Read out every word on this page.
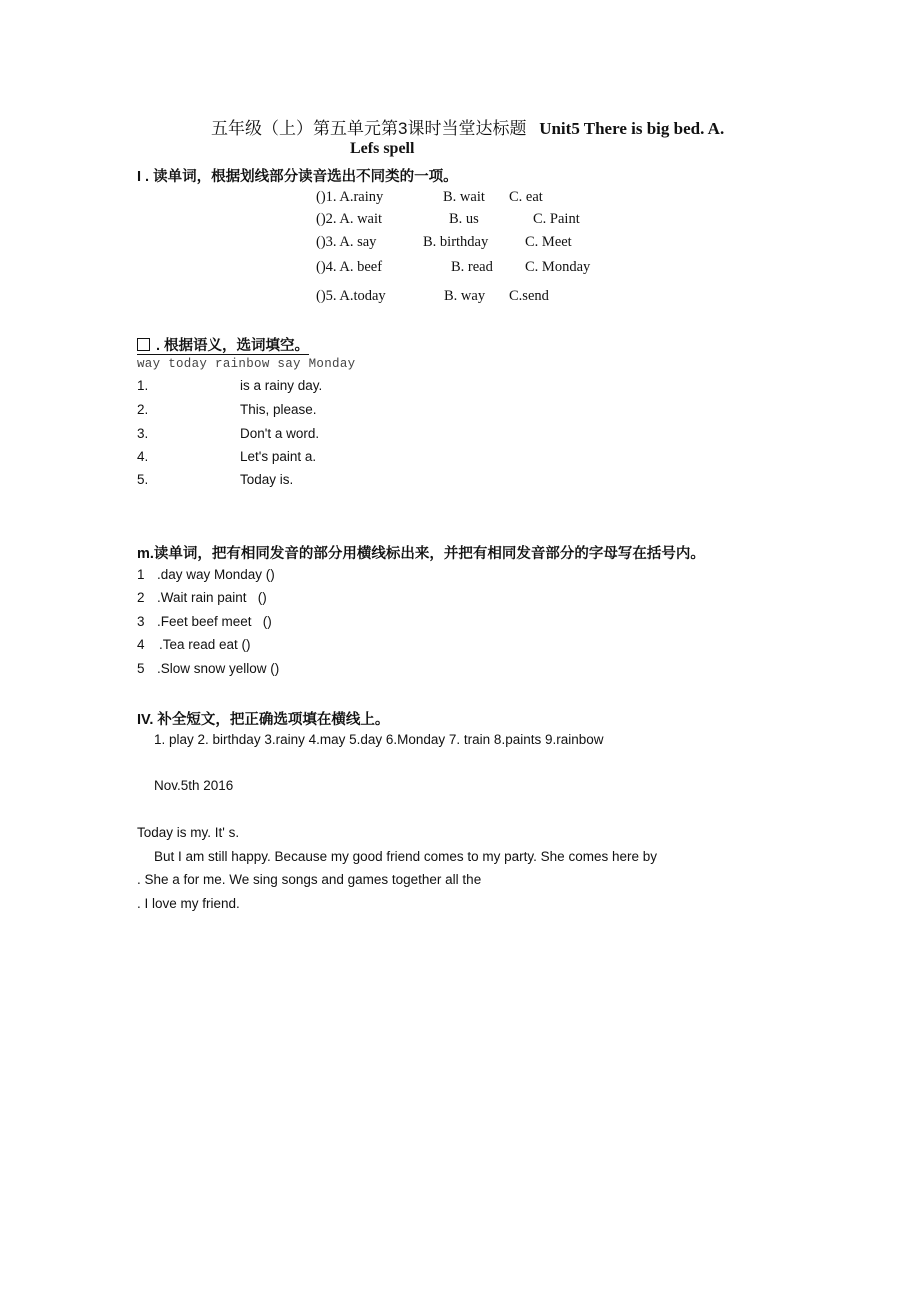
五年级（上）第五单元第3课时当堂达标题 Unit5 There is big bed. A.
Lefs spell
I . 读单词，根据划线部分读音选出不同类的一项。
()1. A.rainy	B. wait C. eat
()2. A. wait	B. us	C. Paint
()3. A. say	B. birthday	C. Meet
()4. A. beef	B. read C. Monday
()5. A.today	B. way C.send
. 根据语义，选词填空。
way today rainbow say Monday
1.	is a rainy day.
2.	This, please.
3.	Don't a word.
4.	Let's paint a.
5.	Today is.
m.读单词，把有相同发音的部分用横线标出来，并把有相同发音部分的字母写在括号内。
1 .day way Monday ()
2 .Wait rain paint   ()
3 .Feet beef meet   ()
4 .Tea read eat ()
5 .Slow snow yellow ()
IV. 补全短文，把正确选项填在横线上。
1. play 2. birthday 3.rainy 4.may 5.day 6.Monday 7. train 8.paints 9.rainbow
Nov.5th 2016
Today is my. It' s.
But I am still happy. Because my good friend comes to my party. She comes here by
. She a for me. We sing songs and games together all the
. I love my friend.
